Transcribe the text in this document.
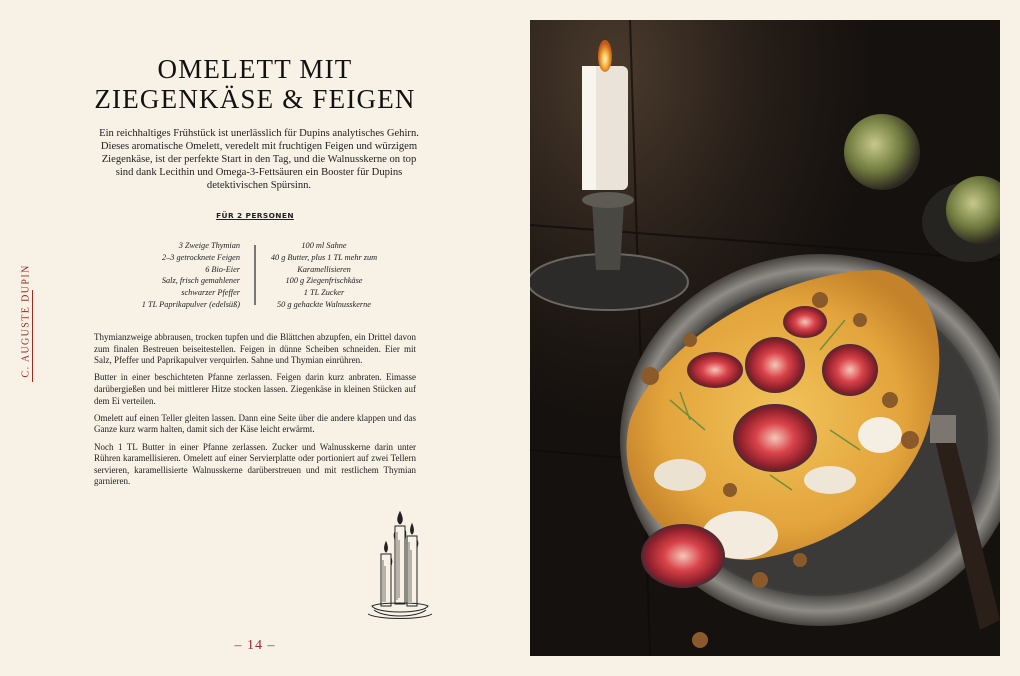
C. AUGUSTE DUPIN
OMELETT MIT
ZIEGENKÄSE & FEIGEN
Ein reichhaltiges Frühstück ist unerlässlich für Dupins analytisches Gehirn. Dieses aromatische Omelett, veredelt mit fruchtigen Feigen und würzigem Ziegenkäse, ist der perfekte Start in den Tag, und die Walnusskerne on top sind dank Lecithin und Omega-3-Fettsäuren ein Booster für Dupins detektivischen Spürsinn.
FÜR 2 PERSONEN
3 Zweige Thymian
2–3 getrocknete Feigen
6 Bio-Eier
Salz, frisch gemahlener
schwarzer Pfeffer
1 TL Paprikapulver (edelsüß)
100 ml Sahne
40 g Butter, plus 1 TL mehr zum
Karamellisieren
100 g Ziegenfrischkäse
1 TL Zucker
50 g gehackte Walnusskerne

Thymianzweige abbrausen, trocken tupfen und die Blättchen abzupfen, ein Drittel davon zum finalen Bestreuen beiseitestellen. Feigen in dünne Scheiben schneiden. Eier mit Salz, Pfeffer und Paprikapulver verquirlen. Sahne und Thymian einrühren.

Butter in einer beschichteten Pfanne zerlassen. Feigen darin kurz anbraten. Eimasse darübergießen und bei mittlerer Hitze stocken lassen. Ziegenkäse in kleinen Stücken auf dem Ei verteilen.

Omelett auf einen Teller gleiten lassen. Dann eine Seite über die andere klappen und das Ganze kurz warm halten, damit sich der Käse leicht erwärmt.

Noch 1 TL Butter in einer Pfanne zerlassen. Zucker und Walnusskerne darin unter Rühren karamellisieren. Omelett auf einer Servierplatte oder portioniert auf zwei Tellern servieren, karamellisierte Walnusskerne darüberstreuen und mit restlichem Thymian garnieren.

– 14 –
